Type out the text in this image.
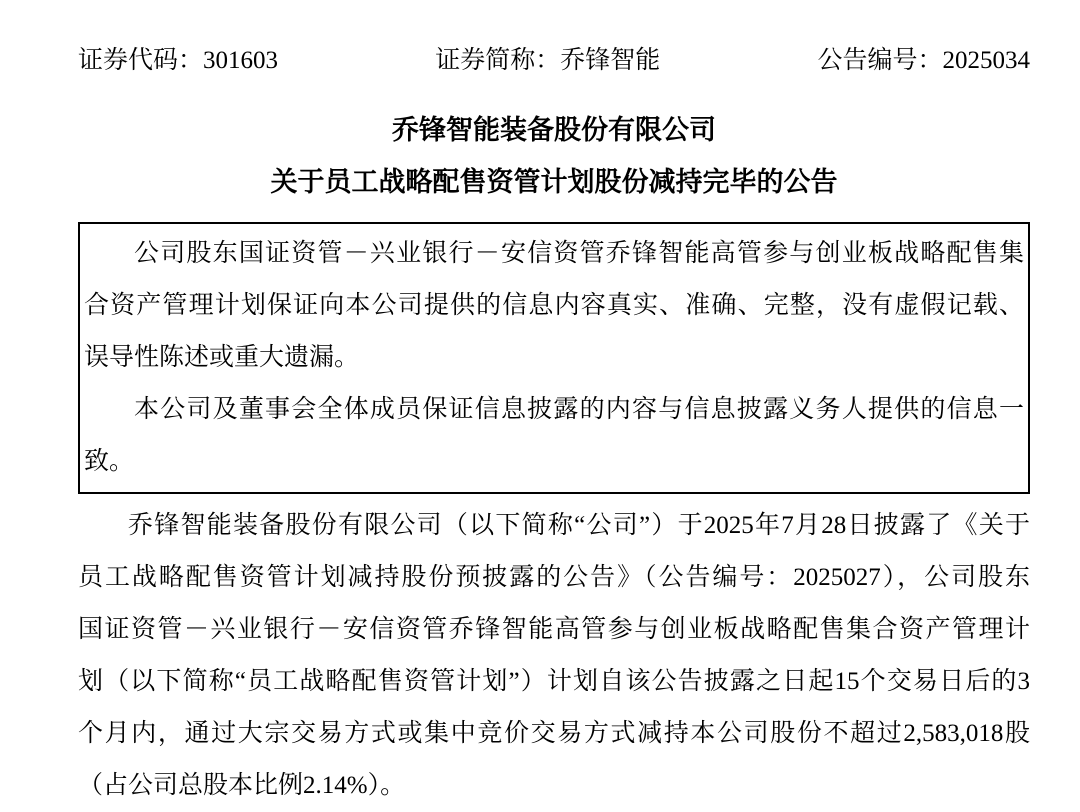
证券代码：301603	证券简称：乔锋智能	公告编号：2025034
乔锋智能装备股份有限公司
关于员工战略配售资管计划股份减持完毕的公告
公司股东国证资管－兴业银行－安信资管乔锋智能高管参与创业板战略配售集
合资产管理计划保证向本公司提供的信息内容真实、准确、完整，没有虚假记载、
误导性陈述或重大遗漏。
本公司及董事会全体成员保证信息披露的内容与信息披露义务人提供的信息一
致。
乔锋智能装备股份有限公司（以下简称“公司”）于2025年7月28日披露了《关于
员工战略配售资管计划减持股份预披露的公告》（公告编号：2025027），公司股东
国证资管－兴业银行－安信资管乔锋智能高管参与创业板战略配售集合资产管理计
划（以下简称“员工战略配售资管计划”）计划自该公告披露之日起15个交易日后的3
个月内，通过大宗交易方式或集中竞价交易方式减持本公司股份不超过2,583,018股
（占公司总股本比例2.14%）。
